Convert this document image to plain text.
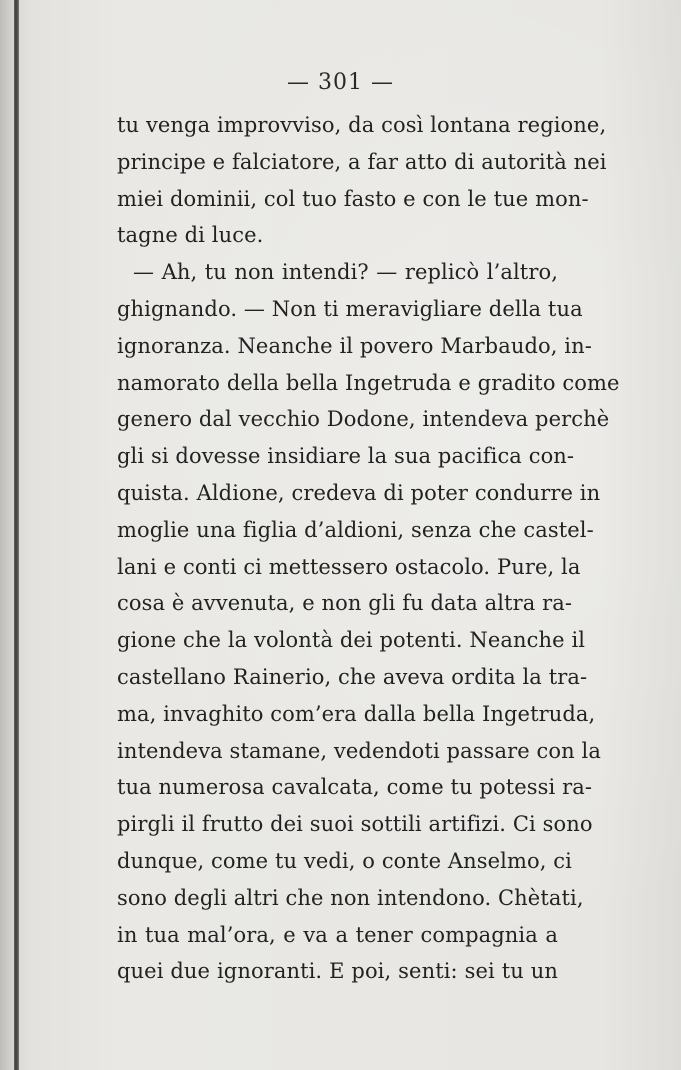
— 301 —
tu venga improvviso, da così lontana regione,
principe e falciatore, a far atto di autorità nei
miei dominii, col tuo fasto e con le tue mon-
tagne di luce.
— Ah, tu non intendi? — replicò l’altro,
ghignando. — Non ti meravigliare della tua
ignoranza. Neanche il povero Marbaudo, in-
namorato della bella Ingetruda e gradito come
genero dal vecchio Dodone, intendeva perchè
gli si dovesse insidiare la sua pacifica con-
quista. Aldione, credeva di poter condurre in
moglie una figlia d’aldioni, senza che castel-
lani e conti ci mettessero ostacolo. Pure, la
cosa è avvenuta, e non gli fu data altra ra-
gione che la volontà dei potenti. Neanche il
castellano Rainerio, che aveva ordita la tra-
ma, invaghito com’era dalla bella Ingetruda,
intendeva stamane, vedendoti passare con la
tua numerosa cavalcata, come tu potessi ra-
pirgli il frutto dei suoi sottili artifizi. Ci sono
dunque, come tu vedi, o conte Anselmo, ci
sono degli altri che non intendono. Chètati,
in tua mal’ora, e va a tener compagnia a
quei due ignoranti. E poi, senti: sei tu un
